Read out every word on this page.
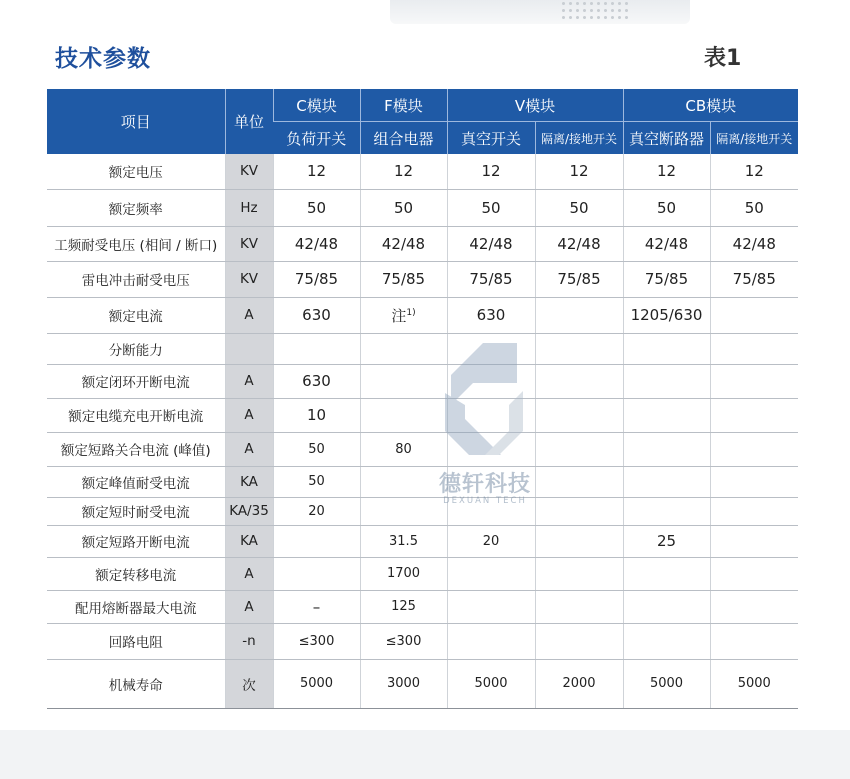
技术参数	表1
项目	单位	C模块	F模块	V模块		CB模块	
		负荷开关	组合电器	真空开关	隔离/接地开关	真空断路器	隔离/接地开关
额定电压	KV	12	12	12	12	12	12
额定频率	Hz	50	50	50	50	50	50
工频耐受电压 (相间 / 断口)	KV	42/48	42/48	42/48	42/48	42/48	42/48
雷电冲击耐受电压	KV	75/85	75/85	75/85	75/85	75/85	75/85
额定电流	A	630	注$^{1)}$	630		1205/630	
分断能力							
额定闭环开断电流	A	630					
额定电缆充电开断电流	A	10					
额定短路关合电流 (峰值)	A	50	80				
额定峰值耐受电流	KA	50					
额定短时耐受电流	KA/35	20					
额定短路开断电流	KA		31.5	20		25	
额定转移电流	A		1700				
配用熔断器最大电流	A	–	125				
回路电阻	-n	≤300	≤300				
机械寿命	次	5000	3000	5000	2000	5000	5000
德轩科技
DEXUAN TECH
